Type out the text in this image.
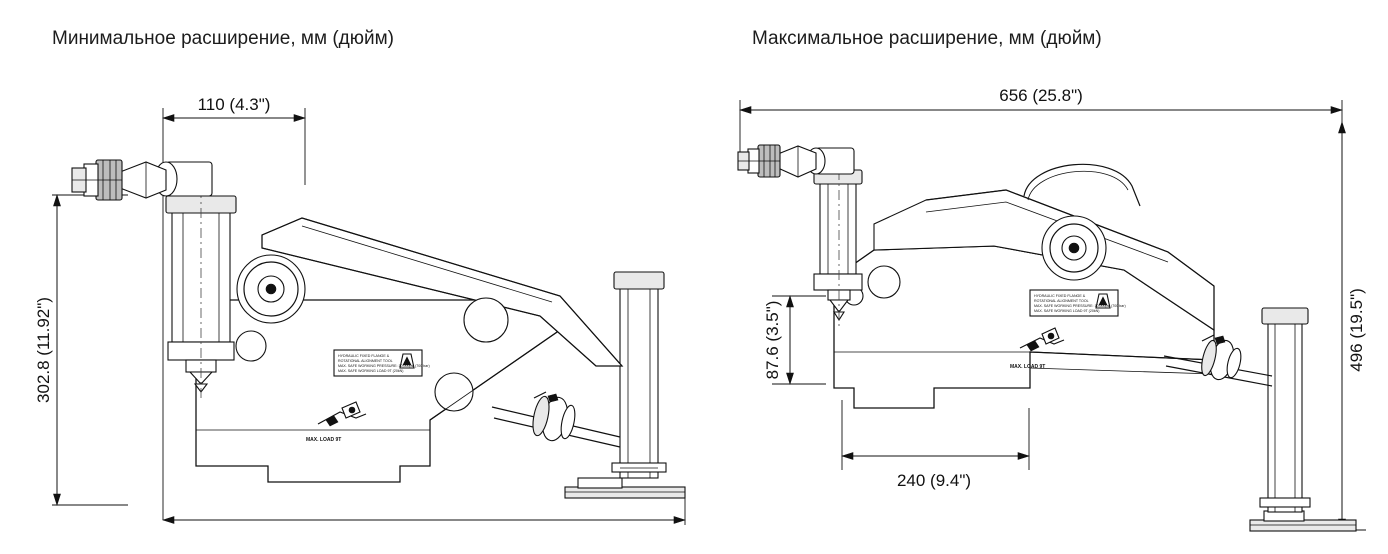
Минимальное расширение, мм (дюйм)
302.8 (11.92")
110 (4.3")
HYDRAULIC FIXED FLANGE &
ROTATIONAL ALIGNMENT TOOL
MAX. SAFE WORKING PRESSURE: 10,000psi (700 bar)
MAX. SAFE WORKING LOAD 9T (20kN)
MAX. LOAD 9T
Максимальное расширение, мм (дюйм)
656 (25.8")
496 (19.5")
87.6 (3.5")
240 (9.4")
HYDRAULIC FIXED FLANGE &
ROTATIONAL ALIGNMENT TOOL
MAX. SAFE WORKING PRESSURE: 10,000psi (700 bar)
MAX. SAFE WORKING LOAD 9T (20kN)
MAX. LOAD 9T
